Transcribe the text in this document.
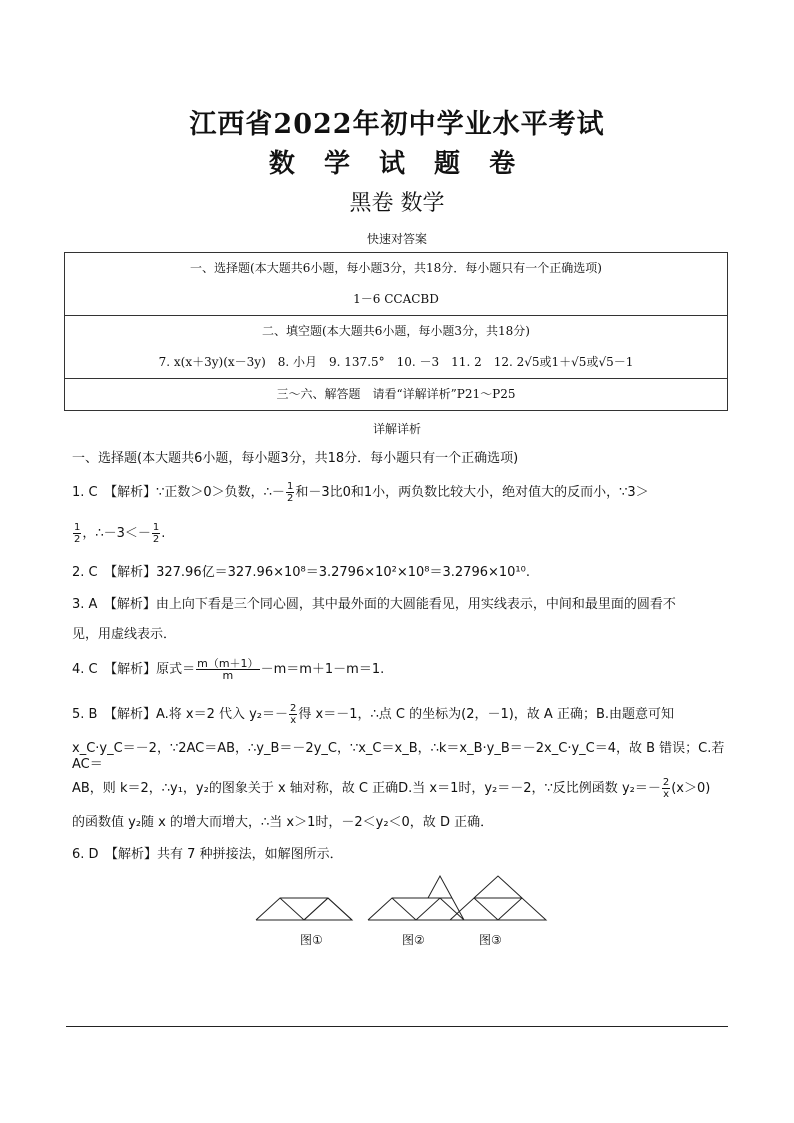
江西省2022年初中学业水平考试
数 学 试 题 卷
黑卷 数学
快速对答案
一、选择题(本大题共6小题，每小题3分，共18分．每小题只有一个正确选项)
1－6 CCACBD

二、填空题(本大题共6小题，每小题3分，共18分)
7. x(x＋3y)(x－3y)　8. 小月　9. 137.5°　10. －3　11. 2　12. 2√5或1＋√5或√5－1

三～六、解答题　请看“详解详析”P21～P25
详解详析
一、选择题(本大题共6小题，每小题3分，共18分．每小题只有一个正确选项)
1. C　【解析】∵正数＞0＞负数，∴－ $\frac{1}{2}$ 和－3比0和1小，两负数比较大小，绝对值大的反而小，∵3＞
$\frac{1}{2}$ ，∴－3＜－ $\frac{1}{2}$ .
2. C　【解析】327.96亿＝327.96×10⁸＝3.2796×10²×10⁸＝3.2796×10¹⁰.
3. A　【解析】由上向下看是三个同心圆，其中最外面的大圆能看见，用实线表示，中间和最里面的圆看不
见，用虚线表示．
4. C　【解析】原式＝ $\frac{m(m+1)}{m} -m=m+1-m=1$.
5. B　【解析】A.将 x＝2 代入 $y_2=- \frac{2}{x}$ 得 x＝－1，∴点 C 的坐标为(2，－1)，故 A 正确；B.由题意可知
x_C·y_C＝－2，∵2AC＝AB，∴y_B＝－2y_C，∵x_C＝x_B，∴k＝x_B·y_B＝－2x_C·y_C＝4，故 B 错误；C.若 AC＝
AB，则 k＝2，∴y₁，y₂的图象关于 x 轴对称，故 C 正确D.当 x＝1时，y₂＝－2，∵反比例函数 $y_2=- \frac{2}{x} (x>0)$
的函数值 y₂随 x 的增大而增大，∴当 x＞1时，－2＜y₂＜0，故 D 正确．
6. D　【解析】共有 7 种拼接法，如解图所示．
图①	图②	图③
